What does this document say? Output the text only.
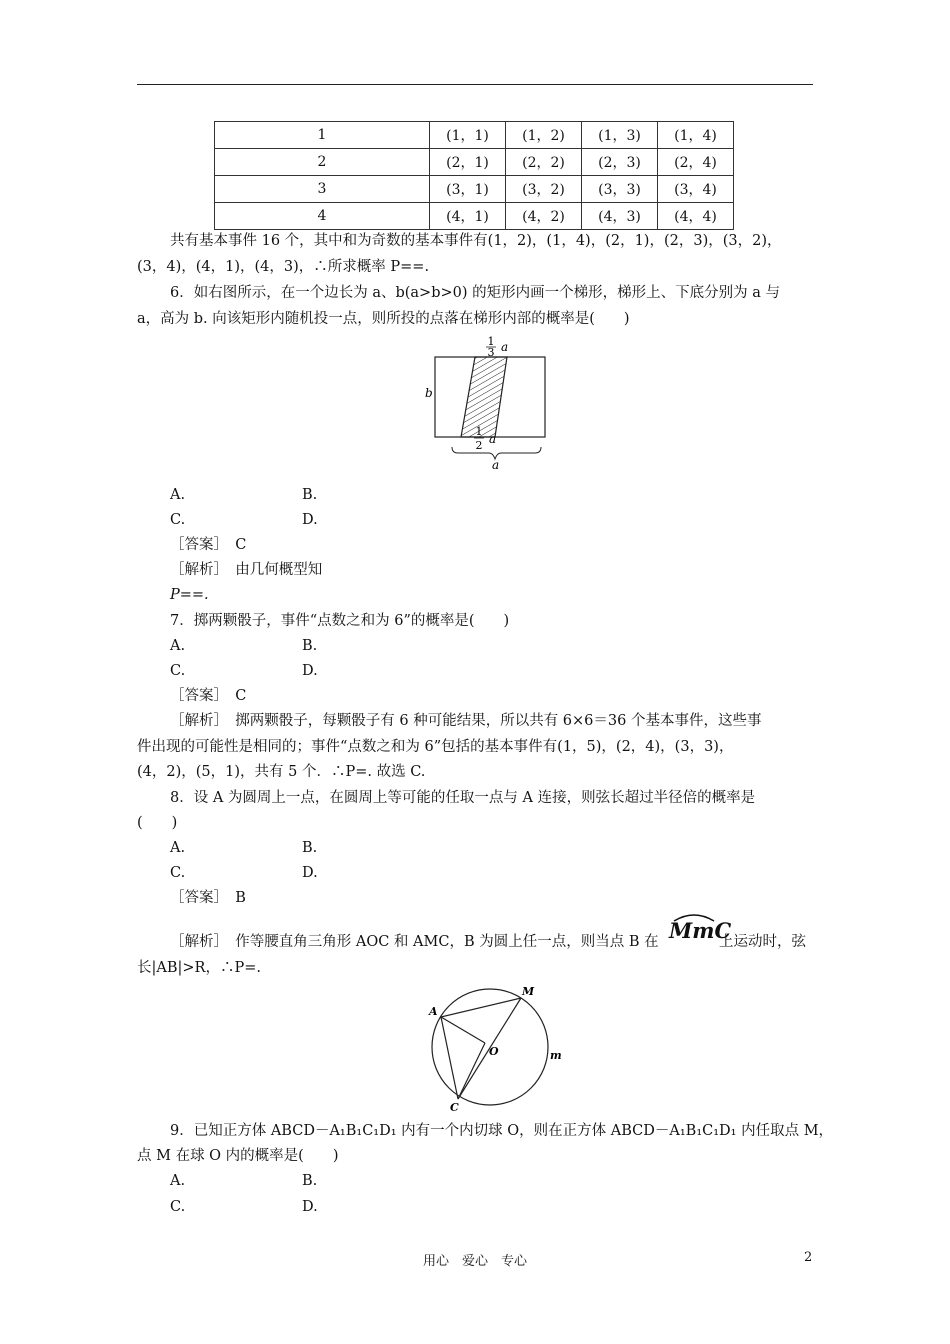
1	(1，1)	(1，2)	(1，3)	(1，4)
2	(2，1)	(2，2)	(2，3)	(2，4)
3	(3，1)	(3，2)	(3，3)	(3，4)
4	(4，1)	(4，2)	(4，3)	(4，4)
共有基本事件 16 个，其中和为奇数的基本事件有(1，2)，(1，4)，(2，1)，(2，3)，(3，2)，
(3，4)，(4，1)，(4，3)，∴所求概率 P==.
6．如右图所示，在一个边长为 a、b(a>b>0) 的矩形内画一个梯形，梯形上、下底分别为 a 与
a，高为 b. 向该矩形内随机投一点，则所投的点落在梯形内部的概率是(　　)
1
3 a
b
1
2 a
a
A.	B.
C.	D.
［答案］　C
［解析］　由几何概型知
P==.
7．掷两颗骰子，事件“点数之和为 6”的概率是(　　)
A.	B.
C.	D.
［答案］　C
［解析］　掷两颗骰子，每颗骰子有 6 种可能结果，所以共有 6×6＝36 个基本事件，这些事
件出现的可能性是相同的；事件“点数之和为 6”包括的基本事件有(1，5)，(2，4)，(3，3)，
(4，2)，(5，1)，共有 5 个．∴P=. 故选 C.
8．设 A 为圆周上一点，在圆周上等可能的任取一点与 A 连接，则弦长超过半径倍的概率是
(　　)
A.	B.
C.	D.
［答案］　B
［解析］　作等腰直角三角形 AOC 和 AMC，B 为圆上任一点，则当点 B 在 MmC
上运动时，弦
长|AB|>R，∴P=.
A
M
O	m
C
9．已知正方体 ABCD－A₁B₁C₁D₁ 内有一个内切球 O，则在正方体 ABCD－A₁B₁C₁D₁ 内任取点 M，
点 M 在球 O 内的概率是(　　)
A.	B.
C.	D.
用心　爱心　专心	2
